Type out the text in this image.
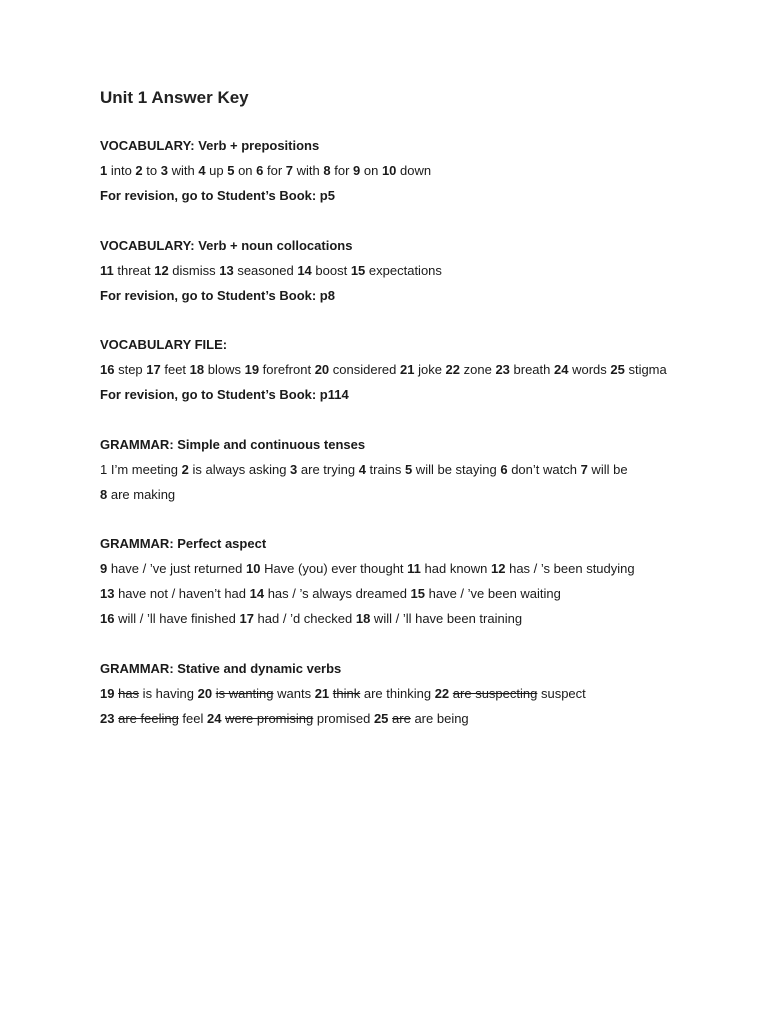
Unit 1 Answer Key
VOCABULARY: Verb + prepositions
1 into 2 to 3 with 4 up 5 on 6 for 7 with 8 for 9 on 10 down
For revision, go to Student’s Book: p5
VOCABULARY: Verb + noun collocations
11 threat 12 dismiss 13 seasoned 14 boost 15 expectations
For revision, go to Student’s Book: p8
VOCABULARY FILE:
16 step 17 feet 18 blows 19 forefront 20 considered 21 joke 22 zone 23 breath 24 words 25 stigma
For revision, go to Student’s Book: p114
GRAMMAR: Simple and continuous tenses
1 I’m meeting 2 is always asking 3 are trying 4 trains 5 will be staying 6 don’t watch 7 will be
8 are making
GRAMMAR: Perfect aspect
9 have / ’ve just returned 10 Have (you) ever thought 11 had known 12 has / ’s been studying
13 have not / haven’t had 14 has / ’s always dreamed 15 have / ’ve been waiting
16 will / ’ll have finished 17 had / ’d checked 18 will / ’ll have been training
GRAMMAR: Stative and dynamic verbs
19 has is having 20 is wanting wants 21 think are thinking 22 are suspecting suspect
23 are feeling feel 24 were promising promised 25 are are being
